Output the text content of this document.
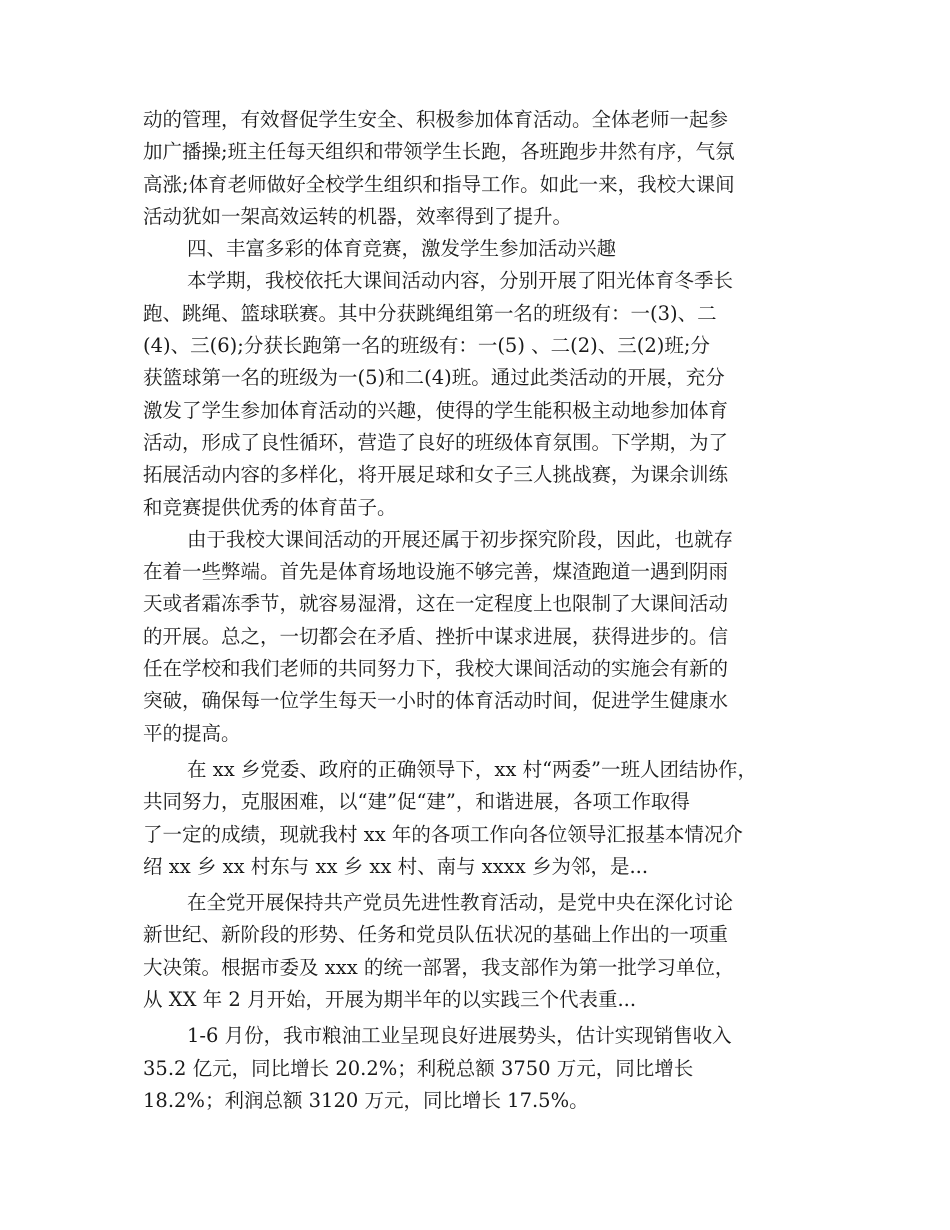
动的管理，有效督促学生安全、积极参加体育活动。全体老师一起参
加广播操;班主任每天组织和带领学生长跑，各班跑步井然有序，气氛
高涨;体育老师做好全校学生组织和指导工作。如此一来，我校大课间
活动犹如一架高效运转的机器，效率得到了提升。
四、丰富多彩的体育竞赛，激发学生参加活动兴趣
本学期，我校依托大课间活动内容，分别开展了阳光体育冬季长
跑、跳绳、篮球联赛。其中分获跳绳组第一名的班级有：一(3)、二
(4)、三(6);分获长跑第一名的班级有：一(5) 、二(2)、三(2)班;分
获篮球第一名的班级为一(5)和二(4)班。通过此类活动的开展，充分
激发了学生参加体育活动的兴趣，使得的学生能积极主动地参加体育
活动，形成了良性循环，营造了良好的班级体育氛围。下学期，为了
拓展活动内容的多样化，将开展足球和女子三人挑战赛，为课余训练
和竞赛提供优秀的体育苗子。
由于我校大课间活动的开展还属于初步探究阶段，因此，也就存
在着一些弊端。首先是体育场地设施不够完善，煤渣跑道一遇到阴雨
天或者霜冻季节，就容易湿滑，这在一定程度上也限制了大课间活动
的开展。总之，一切都会在矛盾、挫折中谋求进展，获得进步的。信
任在学校和我们老师的共同努力下，我校大课间活动的实施会有新的
突破，确保每一位学生每天一小时的体育活动时间，促进学生健康水
平的提高。
在 xx 乡党委、政府的正确领导下，xx 村“两委”一班人团结协作，
共同努力，克服困难，以“建”促“建”，和谐进展，各项工作取得
了一定的成绩，现就我村 xx 年的各项工作向各位领导汇报基本情况介
绍 xx 乡 xx 村东与 xx 乡 xx 村、南与 xxxx 乡为邻，是...
在全党开展保持共产党员先进性教育活动，是党中央在深化讨论
新世纪、新阶段的形势、任务和党员队伍状况的基础上作出的一项重
大决策。根据市委及 xxx 的统一部署，我支部作为第一批学习单位，
从 XX 年 2 月开始，开展为期半年的以实践三个代表重...
1-6 月份，我市粮油工业呈现良好进展势头，估计实现销售收入
35.2 亿元，同比增长 20.2%；利税总额 3750 万元，同比增长
18.2%；利润总额 3120 万元，同比增长 17.5%。
